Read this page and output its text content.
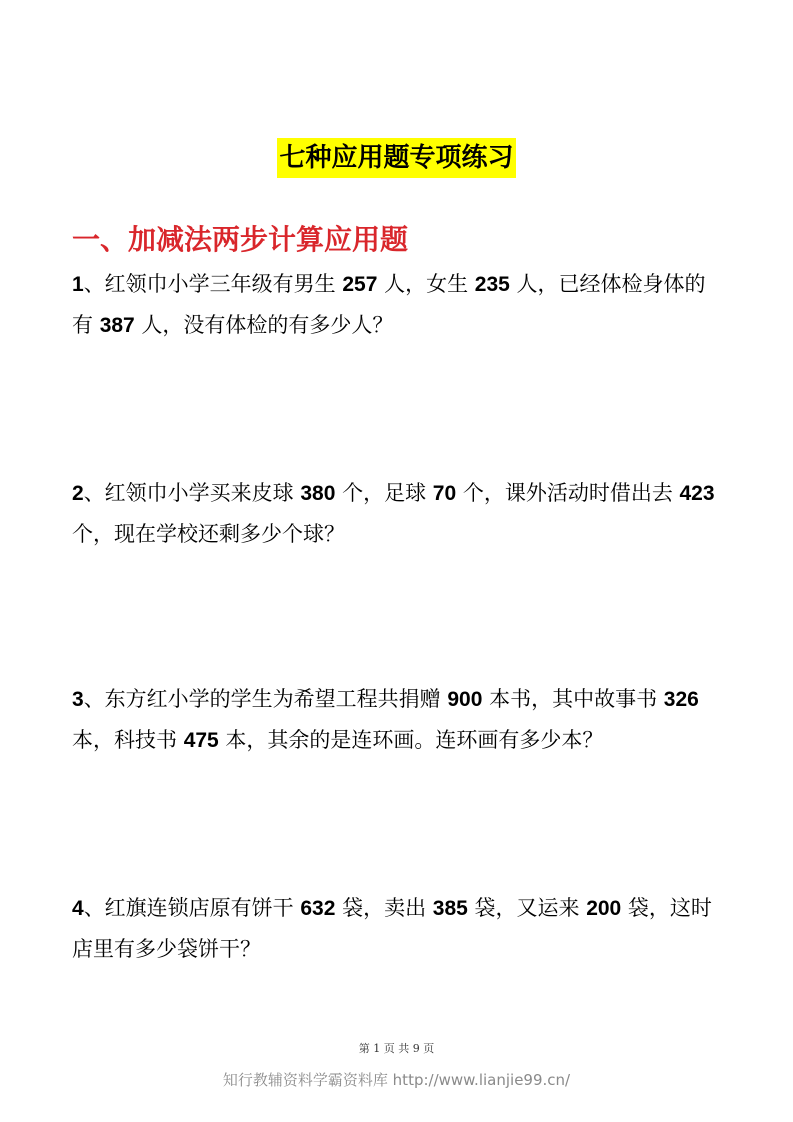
七种应用题专项练习
一、加减法两步计算应用题

1、红领巾小学三年级有男生 257 人，女生 235 人，已经体检身体的有 387 人，没有体检的有多少人？

2、红领巾小学买来皮球 380 个，足球 70 个，课外活动时借出去 423 个，现在学校还剩多少个球？

3、东方红小学的学生为希望工程共捐赠 900 本书，其中故事书 326 本，科技书 475 本，其余的是连环画。连环画有多少本？

4、红旗连锁店原有饼干 632 袋，卖出 385 袋，又运来 200 袋，这时店里有多少袋饼干？

第 1 页 共 9 页
知行教辅资料学霸资料库 http://www.lianjie99.cn/
